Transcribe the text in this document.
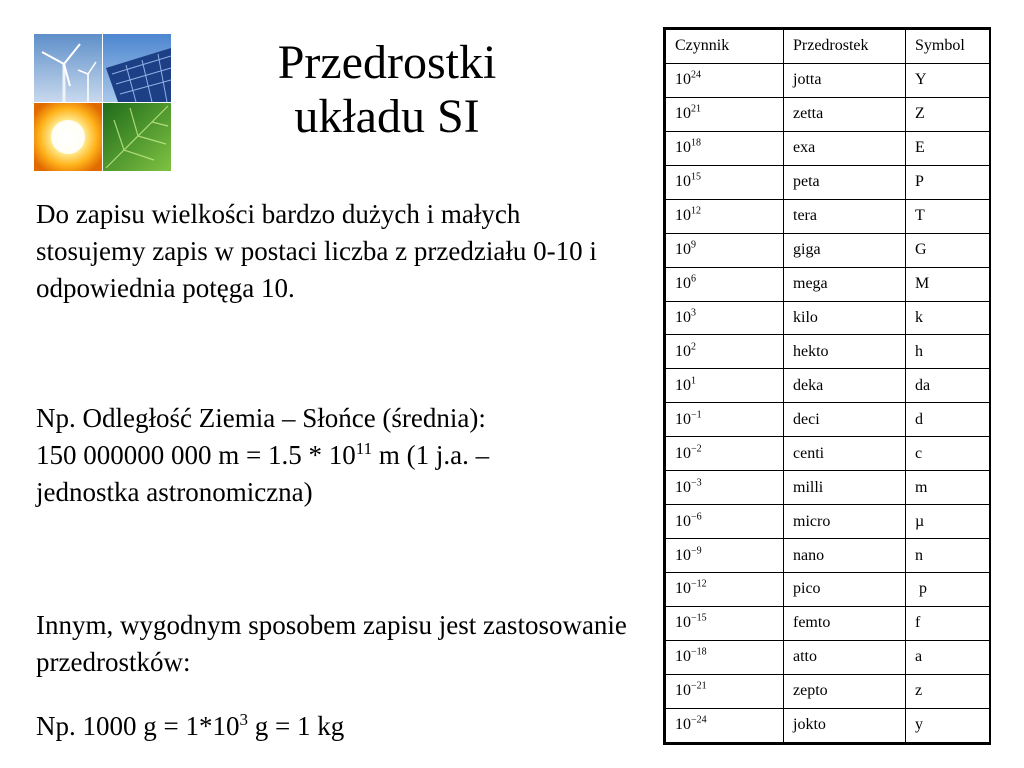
Przedrostki
układu SI
Do zapisu wielkości bardzo dużych i małych stosujemy zapis w postaci liczba z przedziału 0-10 i odpowiednia potęga 10.
Np. Odległość Ziemia – Słońce (średnia):
150 000000 000 $m = 1.5 * 10^{11}$ m (1 j.a. –
jednostka astronomiczna)
Innym, wygodnym sposobem zapisu jest zastosowanie przedrostków:
Np. 1000 $g = 1*10^3$ g = 1 kg
Czynnik	Przedrostek	Symbol
$10^{24}$	jotta	Y
$10^{21}$	zetta	Z
$10^{18}$	exa	E
$10^{15}$	peta	P
$10^{12}$	tera	T
$10^9$	giga	G
$10^6$	mega	M
$10^3$	kilo	k
$10^2$	hekto	h
$10^1$	deka	da
$10^{-1}$	deci	d
$10^{-2}$	centi	c
$10^{-3}$	milli	m
$10^{-6}$	micro	µ
$10^{-9}$	nano	n
$10^{-12}$	pico	p
$10^{-15}$	femto	f
$10^{-18}$	atto	a
$10^{-21}$	zepto	z
$10^{-24}$	jokto	y
